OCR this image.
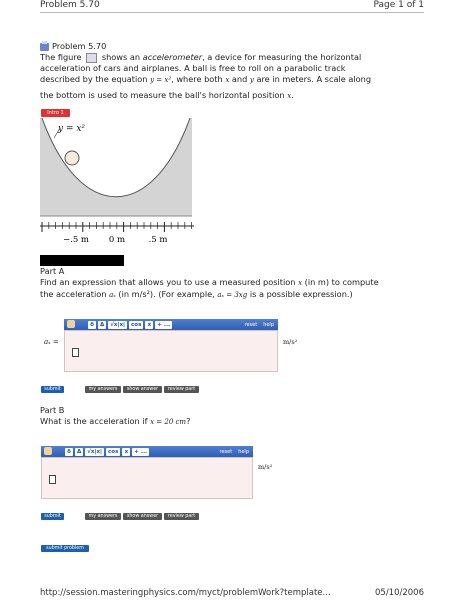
Problem 5.70	Page 1 of 1
Problem 5.70
The figure shows an accelerometer, a device for measuring the horizontal
acceleration of cars and airplanes. A ball is free to roll on a parabolic track
described by the equation y = x², where both x and y are in meters. A scale along
the bottom is used to measure the ball's horizontal position x.
Intro 1
y = x²
−.5 m 0 m	.5 m
Part A
Find an expression that allows you to use a measured position x (in m) to compute
the acceleration aₓ (in m/s²). (For example, aₓ = 3xg is a possible expression.)
δ	Δ	√x|x|	cos	x	+ ...	reset	help
aₓ =	m/s²
submit	my answers	show answer	review part
Part B
What is the acceleration if x = 20 cm?
δ	Δ	√x|x|	cos	x	+ ...	reset	help
m/s²
submit	my answers	show answer	review part
submit problem
http://session.masteringphysics.com/myct/problemWork?template...	05/10/2006
